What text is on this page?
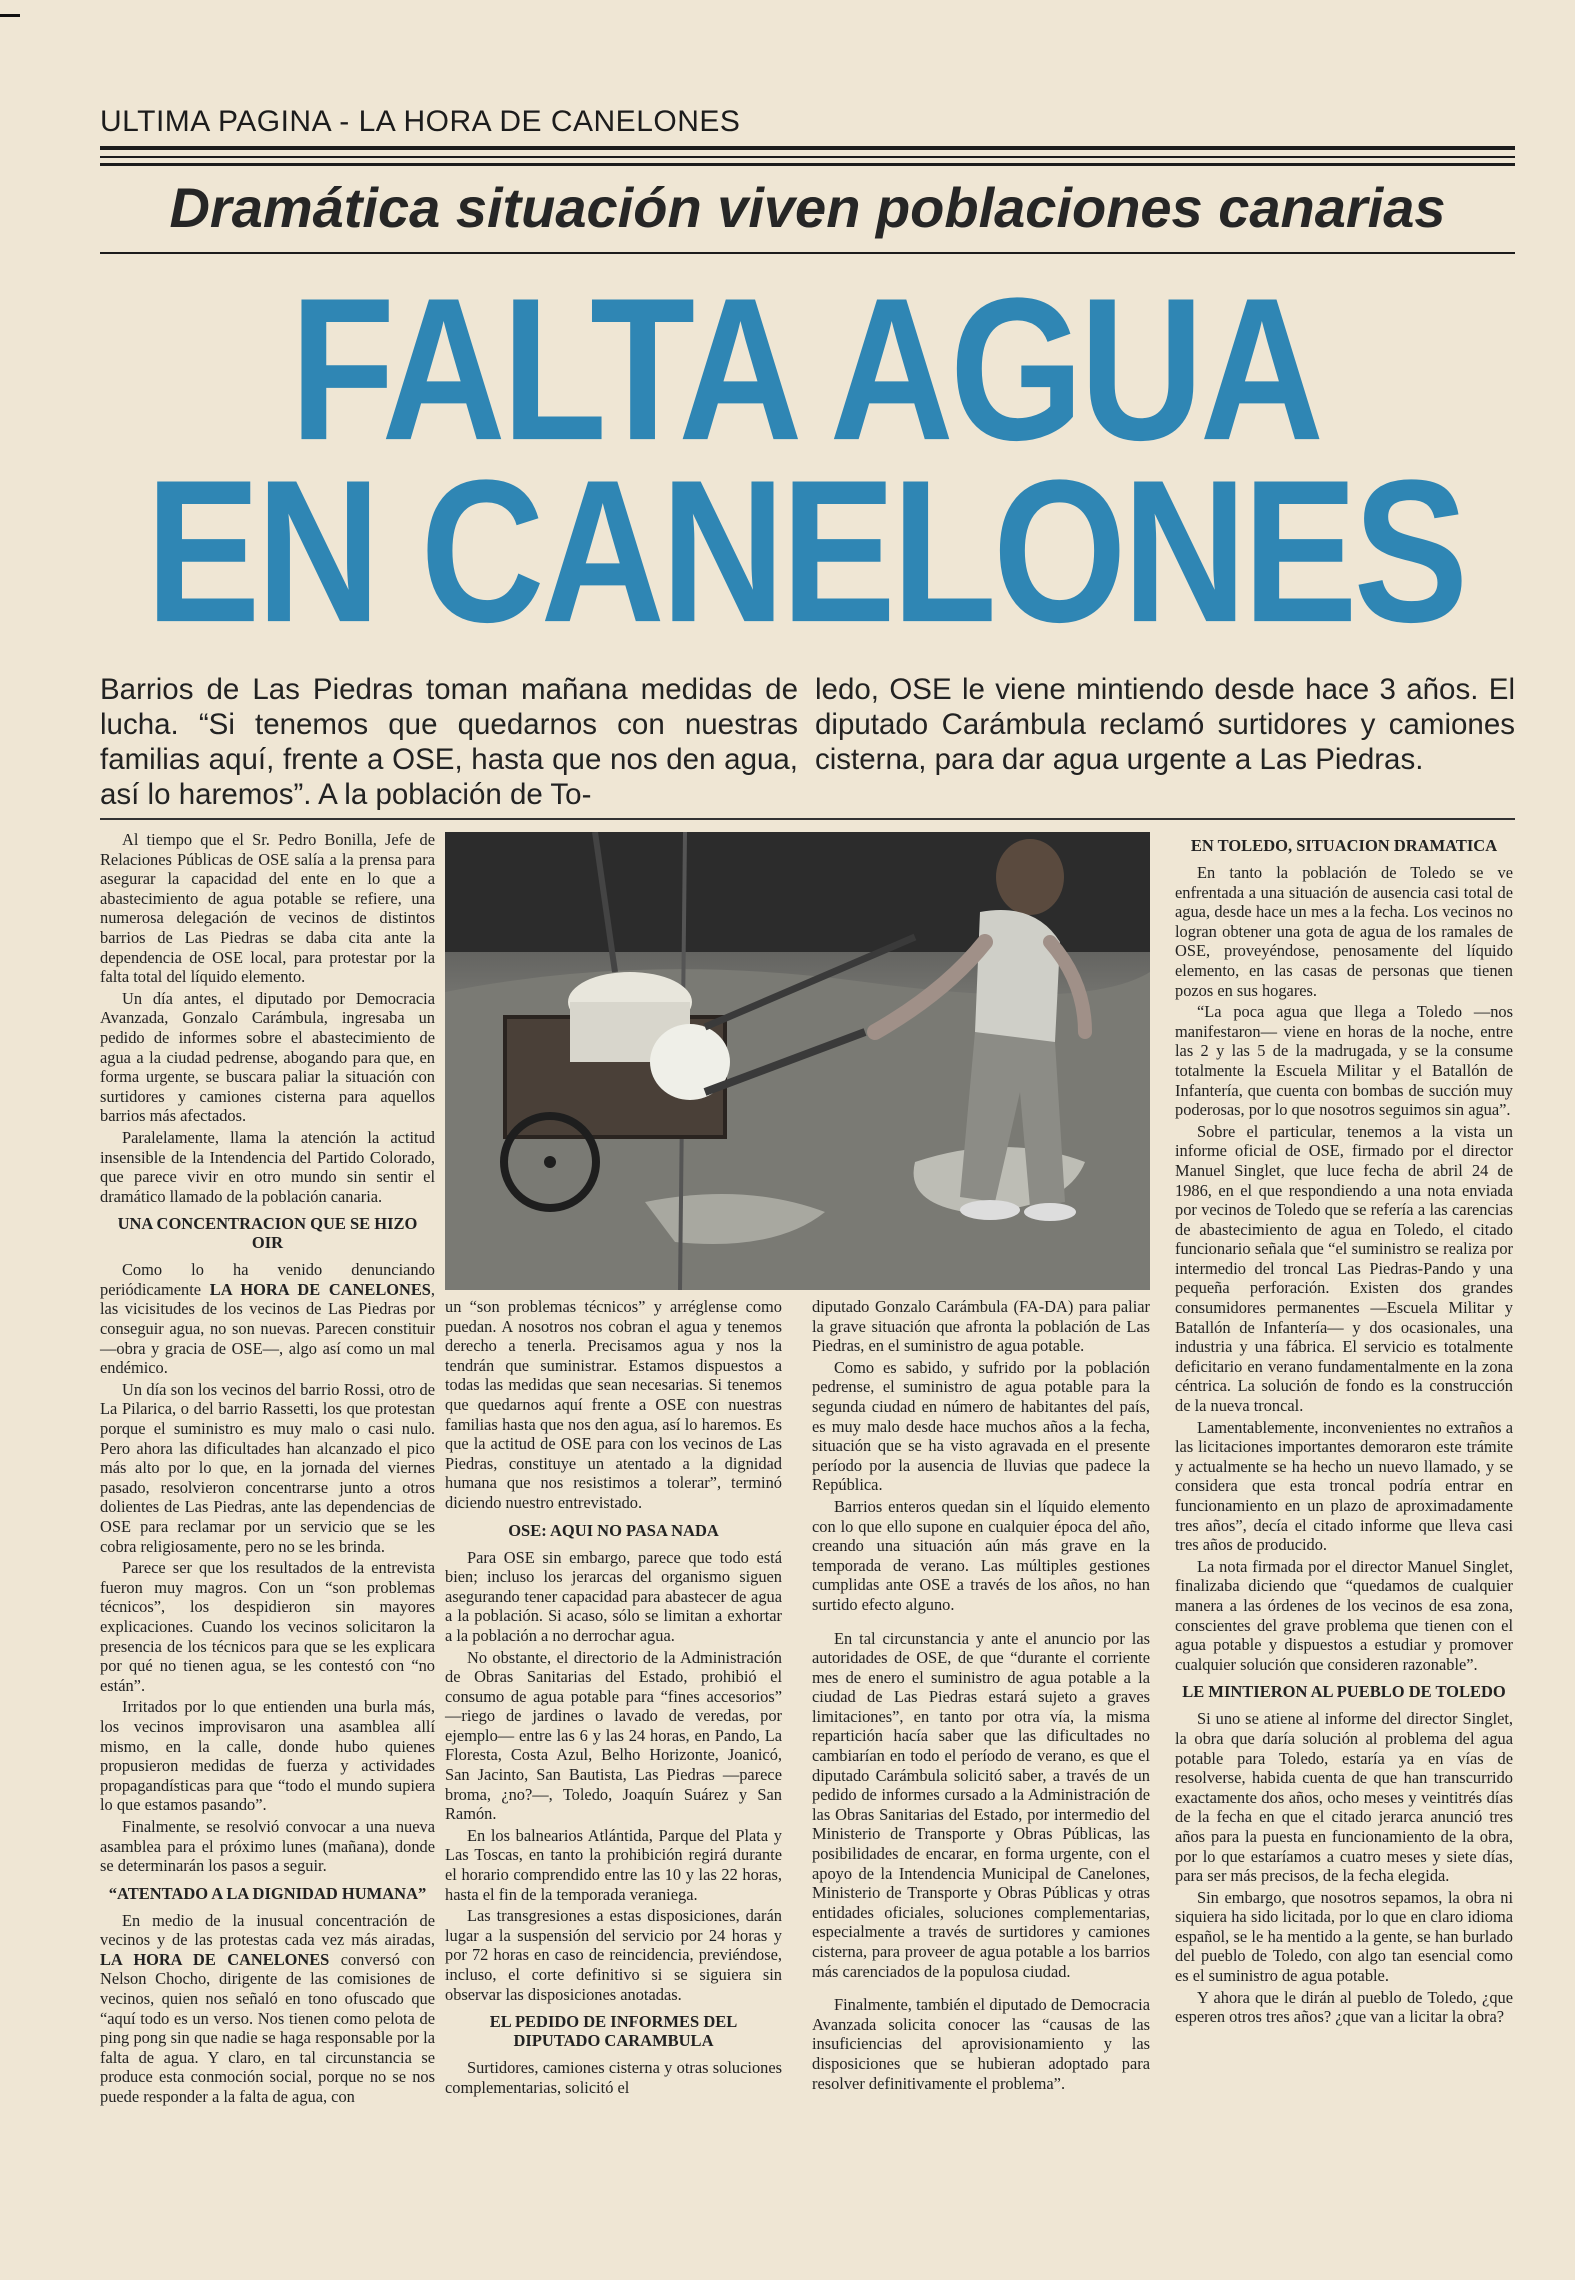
ULTIMA PAGINA - LA HORA DE CANELONES
Dramática situación viven poblaciones canarias
FALTA AGUA
EN CANELONES
Barrios de Las Piedras toman mañana medidas de lucha. “Si tenemos que quedarnos con nuestras familias aquí, frente a OSE, hasta que nos den agua, así lo haremos”. A la población de To-
ledo, OSE le viene mintiendo desde hace 3 años. El diputado Carámbula reclamó surtidores y camiones cisterna, para dar agua urgente a Las Piedras.

Al tiempo que el Sr. Pedro Bonilla, Jefe de Relaciones Públicas de OSE salía a la prensa para asegurar la capacidad del ente en lo que a abastecimiento de agua potable se refiere, una numerosa delegación de vecinos de distintos barrios de Las Piedras se daba cita ante la dependencia de OSE local, para protestar por la falta total del líquido elemento.

Un día antes, el diputado por Democracia Avanzada, Gonzalo Carámbula, ingresaba un pedido de informes sobre el abastecimiento de agua a la ciudad pedrense, abogando para que, en forma urgente, se buscara paliar la situación con surtidores y camiones cisterna para aquellos barrios más afectados.

Paralelamente, llama la atención la actitud insensible de la Intendencia del Partido Colorado, que parece vivir en otro mundo sin sentir el dramático llamado de la población canaria.

UNA CONCENTRACION QUE SE HIZO OIR

Como lo ha venido denunciando periódicamente LA HORA DE CANELONES, las vicisitudes de los vecinos de Las Piedras por conseguir agua, no son nuevas. Parecen constituir —obra y gracia de OSE—, algo así como un mal endémico.

Un día son los vecinos del barrio Rossi, otro de La Pilarica, o del barrio Rassetti, los que protestan porque el suministro es muy malo o casi nulo. Pero ahora las dificultades han alcanzado el pico más alto por lo que, en la jornada del viernes pasado, resolvieron concentrarse junto a otros dolientes de Las Piedras, ante las dependencias de OSE para reclamar por un servicio que se les cobra religiosamente, pero no se les brinda.

Parece ser que los resultados de la entrevista fueron muy magros. Con un “son problemas técnicos”, los despidieron sin mayores explicaciones. Cuando los vecinos solicitaron la presencia de los técnicos para que se les explicara por qué no tienen agua, se les contestó con “no están”.

Irritados por lo que entienden una burla más, los vecinos improvisaron una asamblea allí mismo, en la calle, donde hubo quienes propusieron medidas de fuerza y actividades propagandísticas para que “todo el mundo supiera lo que estamos pasando”.

Finalmente, se resolvió convocar a una nueva asamblea para el próximo lunes (mañana), donde se determinarán los pasos a seguir.

“ATENTADO A LA DIGNIDAD HUMANA”

En medio de la inusual concentración de vecinos y de las protestas cada vez más airadas, LA HORA DE CANELONES conversó con Nelson Chocho, dirigente de las comisiones de vecinos, quien nos señaló en tono ofuscado que “aquí todo es un verso. Nos tienen como pelota de ping pong sin que nadie se haga responsable por la falta de agua. Y claro, en tal circunstancia se produce esta conmoción social, porque no se nos puede responder a la falta de agua, con

un “son problemas técnicos” y arréglense como puedan. A nosotros nos cobran el agua y tenemos derecho a tenerla. Precisamos agua y nos la tendrán que suministrar. Estamos dispuestos a todas las medidas que sean necesarias. Si tenemos que quedarnos aquí frente a OSE con nuestras familias hasta que nos den agua, así lo haremos. Es que la actitud de OSE para con los vecinos de Las Piedras, constituye un atentado a la dignidad humana que nos resistimos a tolerar”, terminó diciendo nuestro entrevistado.

OSE: AQUI NO PASA NADA

Para OSE sin embargo, parece que todo está bien; incluso los jerarcas del organismo siguen asegurando tener capacidad para abastecer de agua a la población. Si acaso, sólo se limitan a exhortar a la población a no derrochar agua.

No obstante, el directorio de la Administración de Obras Sanitarias del Estado, prohibió el consumo de agua potable para “fines accesorios” —riego de jardines o lavado de veredas, por ejemplo— entre las 6 y las 24 horas, en Pando, La Floresta, Costa Azul, Belho Horizonte, Joanicó, San Jacinto, San Bautista, Las Piedras —parece broma, ¿no?—, Toledo, Joaquín Suárez y San Ramón.

En los balnearios Atlántida, Parque del Plata y Las Toscas, en tanto la prohibición regirá durante el horario comprendido entre las 10 y las 22 horas, hasta el fin de la temporada veraniega.

Las transgresiones a estas disposiciones, darán lugar a la suspensión del servicio por 24 horas y por 72 horas en caso de reincidencia, previéndose, incluso, el corte definitivo si se siguiera sin observar las disposiciones anotadas.

EL PEDIDO DE INFORMES DEL DIPUTADO CARAMBULA

Surtidores, camiones cisterna y otras soluciones complementarias, solicitó el

diputado Gonzalo Carámbula (FA-DA) para paliar la grave situación que afronta la población de Las Piedras, en el suministro de agua potable.

Como es sabido, y sufrido por la población pedrense, el suministro de agua potable para la segunda ciudad en número de habitantes del país, es muy malo desde hace muchos años a la fecha, situación que se ha visto agravada en el presente período por la ausencia de lluvias que padece la República.

Barrios enteros quedan sin el líquido elemento con lo que ello supone en cualquier época del año, creando una situación aún más grave en la temporada de verano. Las múltiples gestiones cumplidas ante OSE a través de los años, no han surtido efecto alguno.

En tal circunstancia y ante el anuncio por las autoridades de OSE, de que “durante el corriente mes de enero el suministro de agua potable a la ciudad de Las Piedras estará sujeto a graves limitaciones”, en tanto por otra vía, la misma repartición hacía saber que las dificultades no cambiarían en todo el período de verano, es que el diputado Carámbula solicitó saber, a través de un pedido de informes cursado a la Administración de las Obras Sanitarias del Estado, por intermedio del Ministerio de Transporte y Obras Públicas, las posibilidades de encarar, en forma urgente, con el apoyo de la Intendencia Municipal de Canelones, Ministerio de Transporte y Obras Públicas y otras entidades oficiales, soluciones complementarias, especialmente a través de surtidores y camiones cisterna, para proveer de agua potable a los barrios más carenciados de la populosa ciudad.

Finalmente, también el diputado de Democracia Avanzada solicita conocer las “causas de las insuficiencias del aprovisionamiento y las disposiciones que se hubieran adoptado para resolver definitivamente el problema”.

EN TOLEDO, SITUACION DRAMATICA

En tanto la población de Toledo se ve enfrentada a una situación de ausencia casi total de agua, desde hace un mes a la fecha. Los vecinos no logran obtener una gota de agua de los ramales de OSE, proveyéndose, penosamente del líquido elemento, en las casas de personas que tienen pozos en sus hogares.

“La poca agua que llega a Toledo —nos manifestaron— viene en horas de la noche, entre las 2 y las 5 de la madrugada, y se la consume totalmente la Escuela Militar y el Batallón de Infantería, que cuenta con bombas de succión muy poderosas, por lo que nosotros seguimos sin agua”.

Sobre el particular, tenemos a la vista un informe oficial de OSE, firmado por el director Manuel Singlet, que luce fecha de abril 24 de 1986, en el que respondiendo a una nota enviada por vecinos de Toledo que se refería a las carencias de abastecimiento de agua en Toledo, el citado funcionario señala que “el suministro se realiza por intermedio del troncal Las Piedras-Pando y una pequeña perforación. Existen dos grandes consumidores permanentes —Escuela Militar y Batallón de Infantería— y dos ocasionales, una industria y una fábrica. El servicio es totalmente deficitario en verano fundamentalmente en la zona céntrica. La solución de fondo es la construcción de la nueva troncal.

Lamentablemente, inconvenientes no extraños a las licitaciones importantes demoraron este trámite y actualmente se ha hecho un nuevo llamado, y se considera que esta troncal podría entrar en funcionamiento en un plazo de aproximadamente tres años”, decía el citado informe que lleva casi tres años de producido.

La nota firmada por el director Manuel Singlet, finalizaba diciendo que “quedamos de cualquier manera a las órdenes de los vecinos de esa zona, conscientes del grave problema que tienen con el agua potable y dispuestos a estudiar y promover cualquier solución que consideren razonable”.

LE MINTIERON AL PUEBLO DE TOLEDO

Si uno se atiene al informe del director Singlet, la obra que daría solución al problema del agua potable para Toledo, estaría ya en vías de resolverse, habida cuenta de que han transcurrido exactamente dos años, ocho meses y veintitrés días de la fecha en que el citado jerarca anunció tres años para la puesta en funcionamiento de la obra, por lo que estaríamos a cuatro meses y siete días, para ser más precisos, de la fecha elegida.

Sin embargo, que nosotros sepamos, la obra ni siquiera ha sido licitada, por lo que en claro idioma español, se le ha mentido a la gente, se han burlado del pueblo de Toledo, con algo tan esencial como es el suministro de agua potable.

Y ahora que le dirán al pueblo de Toledo, ¿que esperen otros tres años? ¿que van a licitar la obra?
